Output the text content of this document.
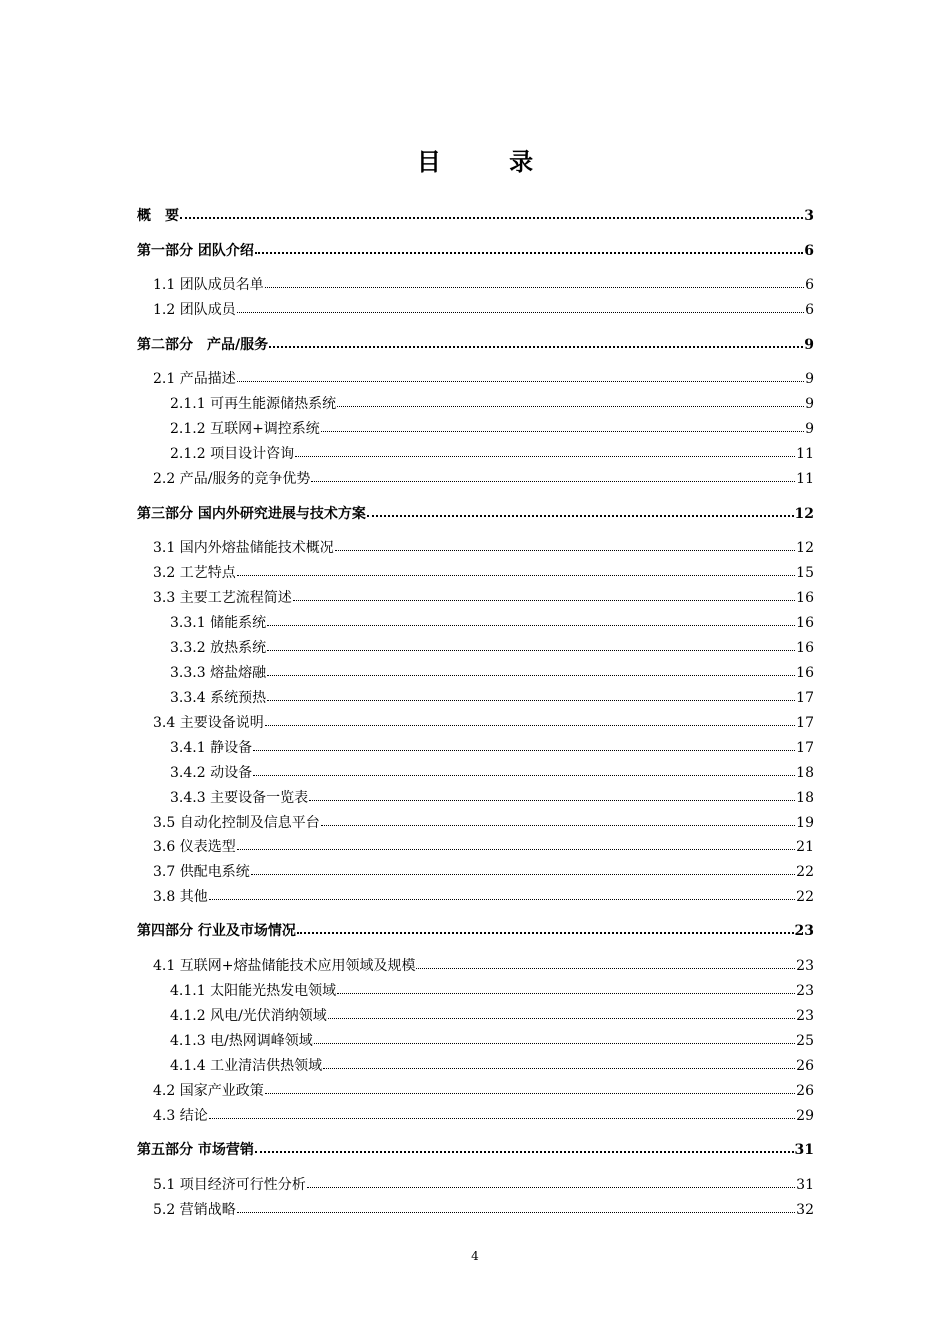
目 录
概　要	3
第一部分 团队介绍	6
1.1 团队成员名单	6
1.2 团队成员	6
第二部分　产品/服务	9
2.1 产品描述	9
2.1.1 可再生能源储热系统	9
2.1.2 互联网+调控系统	9
2.1.2 项目设计咨询	11
2.2 产品/服务的竞争优势	11
第三部分 国内外研究进展与技术方案	12
3.1 国内外熔盐储能技术概况	12
3.2 工艺特点	15
3.3 主要工艺流程简述	16
3.3.1 储能系统	16
3.3.2 放热系统	16
3.3.3 熔盐熔融	16
3.3.4 系统预热	17
3.4 主要设备说明	17
3.4.1 静设备	17
3.4.2 动设备	18
3.4.3 主要设备一览表	18
3.5 自动化控制及信息平台	19
3.6 仪表选型	21
3.7 供配电系统	22
3.8 其他	22
第四部分 行业及市场情况	23
4.1 互联网+熔盐储能技术应用领域及规模	23
4.1.1 太阳能光热发电领域	23
4.1.2 风电/光伏消纳领域	23
4.1.3 电/热网调峰领域	25
4.1.4 工业清洁供热领域	26
4.2 国家产业政策	26
4.3 结论	29
第五部分 市场营销	31
5.1 项目经济可行性分析	31
5.2 营销战略	32
4
